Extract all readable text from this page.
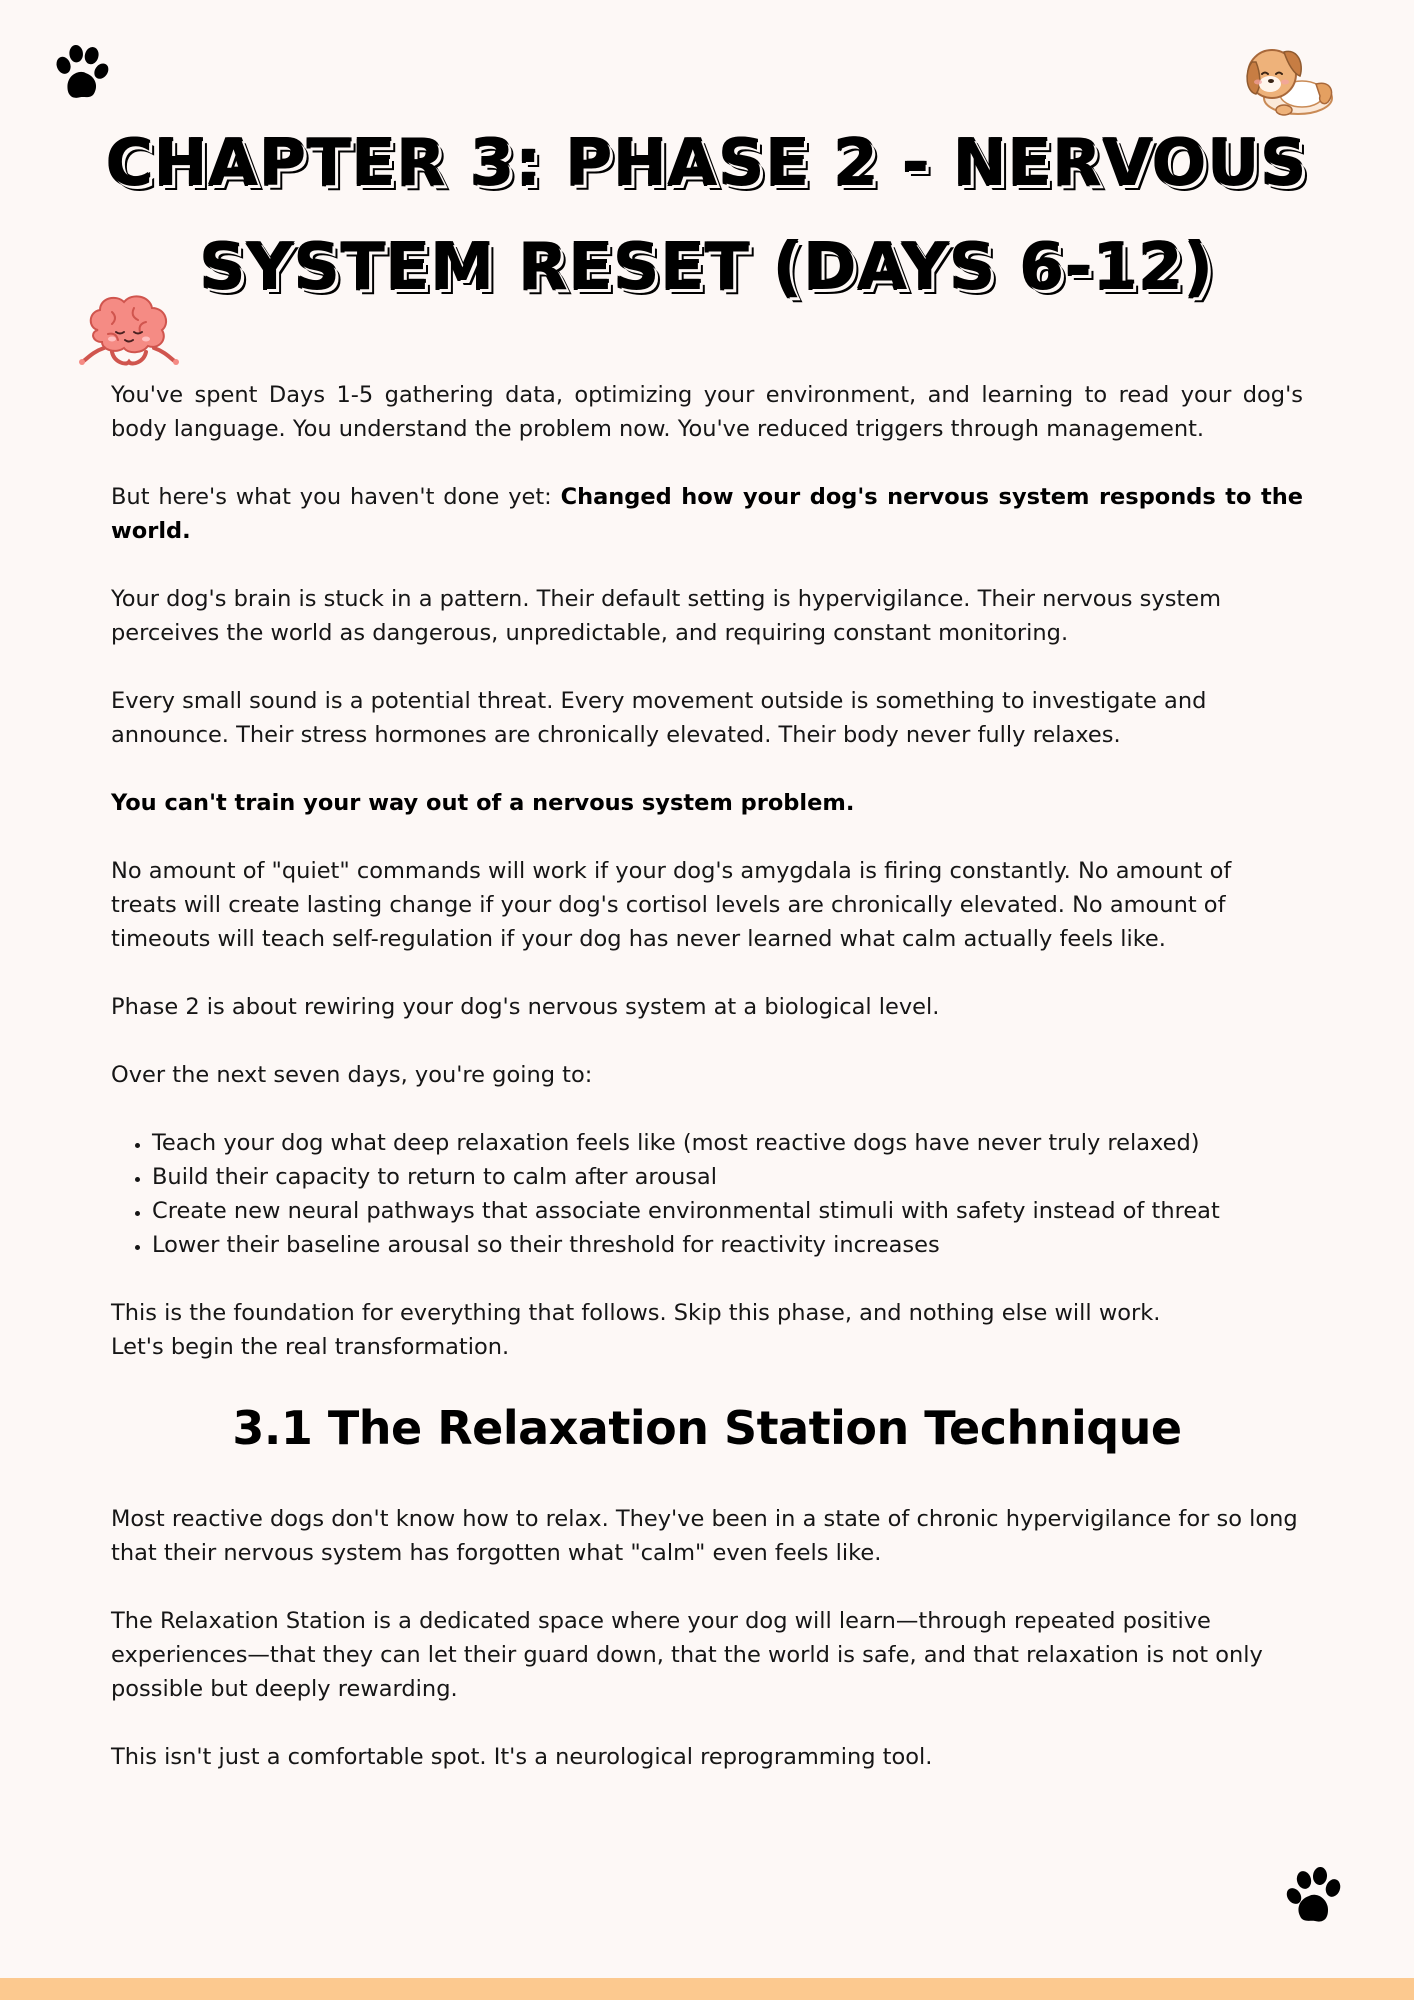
CHAPTER 3: PHASE 2 - NERVOUS SYSTEM RESET (DAYS 6-12)

You've spent Days 1-5 gathering data, optimizing your environment, and learning to read your dog's body language. You understand the problem now. You've reduced triggers through management.

But here's what you haven't done yet: Changed how your dog's nervous system responds to the world.

Your dog's brain is stuck in a pattern. Their default setting is hypervigilance. Their nervous system perceives the world as dangerous, unpredictable, and requiring constant monitoring.

Every small sound is a potential threat. Every movement outside is something to investigate and announce. Their stress hormones are chronically elevated. Their body never fully relaxes.

You can't train your way out of a nervous system problem.

No amount of "quiet" commands will work if your dog's amygdala is firing constantly. No amount of treats will create lasting change if your dog's cortisol levels are chronically elevated. No amount of timeouts will teach self-regulation if your dog has never learned what calm actually feels like.

Phase 2 is about rewiring your dog's nervous system at a biological level.

Over the next seven days, you're going to:

• Teach your dog what deep relaxation feels like (most reactive dogs have never truly relaxed)
• Build their capacity to return to calm after arousal
• Create new neural pathways that associate environmental stimuli with safety instead of threat
• Lower their baseline arousal so their threshold for reactivity increases

This is the foundation for everything that follows. Skip this phase, and nothing else will work.

Let's begin the real transformation.

3.1 The Relaxation Station Technique

Most reactive dogs don't know how to relax. They've been in a state of chronic hypervigilance for so long that their nervous system has forgotten what "calm" even feels like.

The Relaxation Station is a dedicated space where your dog will learn—through repeated positive experiences—that they can let their guard down, that the world is safe, and that relaxation is not only possible but deeply rewarding.

This isn't just a comfortable spot. It's a neurological reprogramming tool.
